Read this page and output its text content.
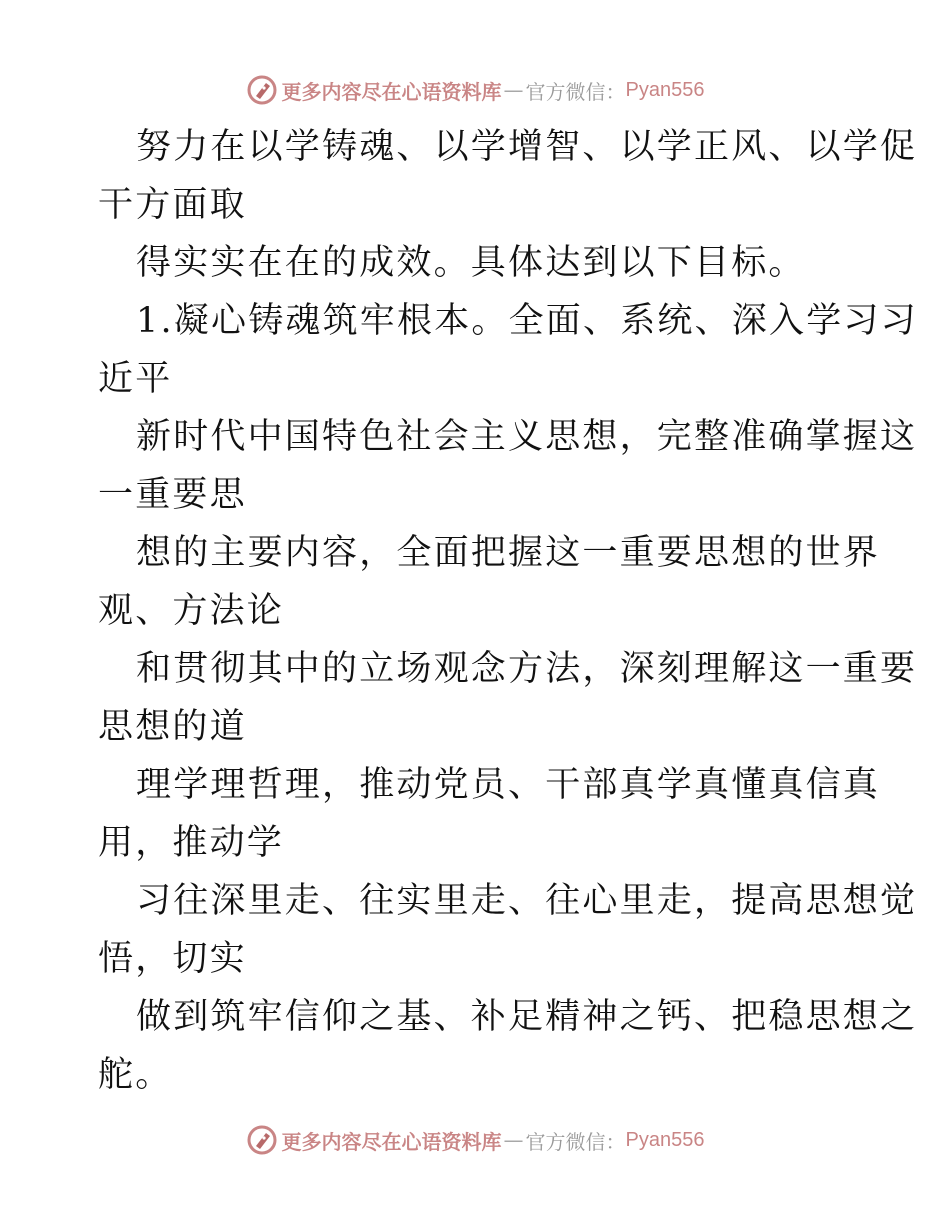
更多内容尽在心语资料库 — 官方微信： Pyan556
努力在以学铸魂、以学增智、以学正风、以学促
干方面取
得实实在在的成效。具体达到以下目标。
1.凝心铸魂筑牢根本。全面、系统、深入学习习
近平
新时代中国特色社会主义思想，完整准确掌握这
一重要思
想的主要内容，全面把握这一重要思想的世界
观、方法论
和贯彻其中的立场观念方法，深刻理解这一重要
思想的道
理学理哲理，推动党员、干部真学真懂真信真
用，推动学
习往深里走、往实里走、往心里走，提高思想觉
悟，切实
做到筑牢信仰之基、补足精神之钙、把稳思想之
舵。
更多内容尽在心语资料库 — 官方微信： Pyan556
